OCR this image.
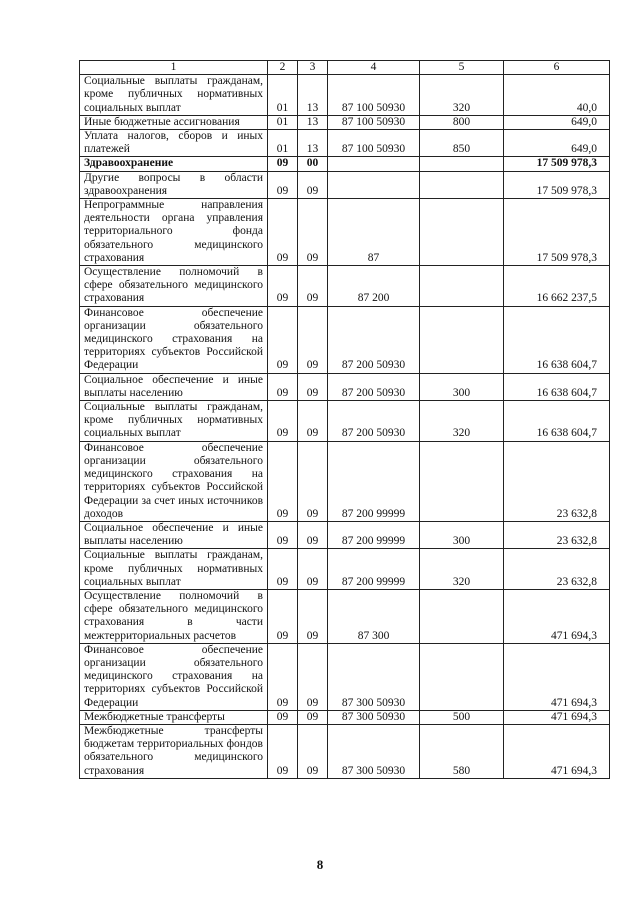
1	2	3	4	5	6
Социальные выплаты гражданам, кроме публичных нормативных социальных выплат	01	13	87 100 50930	320	40,0
Иные бюджетные ассигнования	01	13	87 100 50930	800	649,0
Уплата налогов, сборов и иных платежей	01	13	87 100 50930	850	649,0
Здравоохранение	09	00			17 509 978,3
Другие вопросы в области здравоохранения	09	09			17 509 978,3
Непрограммные направления деятельности органа управления территориального фонда обязательного медицинского страхования	09	09	87		17 509 978,3
Осуществление полномочий в сфере обязательного медицинского страхования	09	09	87 200		16 662 237,5
Финансовое обеспечение организации обязательного медицинского страхования на территориях субъектов Российской Федерации	09	09	87 200 50930		16 638 604,7
Социальное обеспечение и иные выплаты населению	09	09	87 200 50930	300	16 638 604,7
Социальные выплаты гражданам, кроме публичных нормативных социальных выплат	09	09	87 200 50930	320	16 638 604,7
Финансовое обеспечение организации обязательного медицинского страхования на территориях субъектов Российской Федерации за счет иных источников доходов	09	09	87 200 99999		23 632,8
Социальное обеспечение и иные выплаты населению	09	09	87 200 99999	300	23 632,8
Социальные выплаты гражданам, кроме публичных нормативных социальных выплат	09	09	87 200 99999	320	23 632,8
Осуществление полномочий в сфере обязательного медицинского страхования в части межтерриториальных расчетов	09	09	87 300		471 694,3
Финансовое обеспечение организации обязательного медицинского страхования на территориях субъектов Российской Федерации	09	09	87 300 50930		471 694,3
Межбюджетные трансферты	09	09	87 300 50930	500	471 694,3
Межбюджетные трансферты бюджетам территориальных фондов обязательного медицинского страхования	09	09	87 300 50930	580	471 694,3
8
